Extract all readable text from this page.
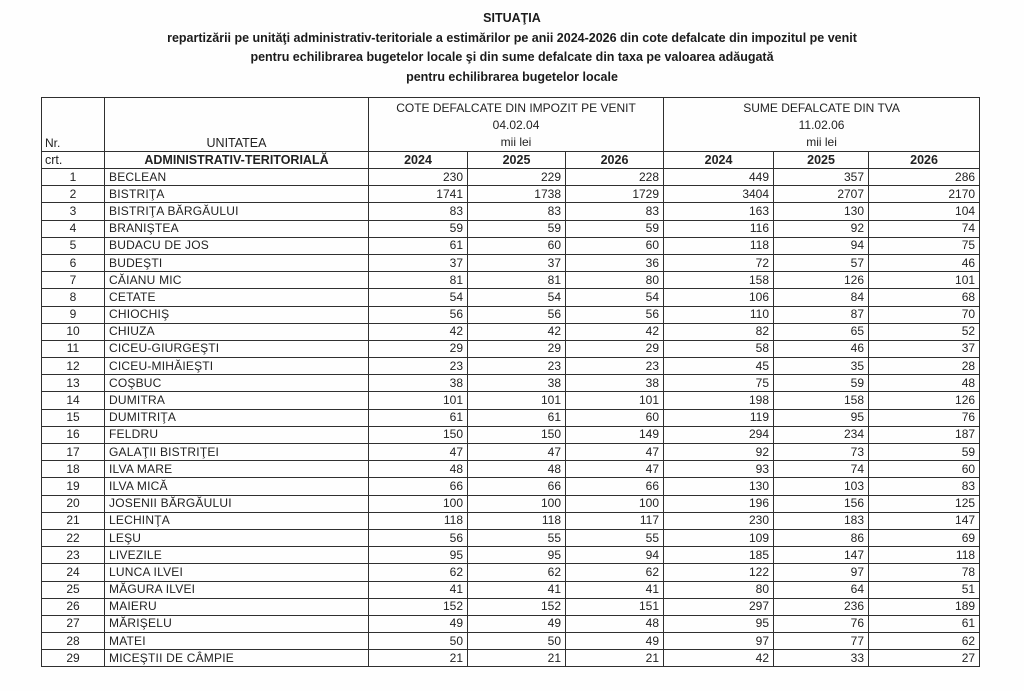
SITUAŢIA
repartizării pe unităţi administrativ-teritoriale a estimărilor pe anii 2024-2026 din cote defalcate din impozitul pe venit
pentru echilibrarea bugetelor locale şi din sume defalcate din taxa pe valoarea adăugată
pentru echilibrarea bugetelor locale
Nr.	UNITATEA	COTE DEFALCATE DIN IMPOZIT PE VENIT
04.02.04
mii lei			SUME DEFALCATE DIN TVA
11.02.06
mii lei		

crt.	ADMINISTRATIV-TERITORIALĂ	2024	2025	2026	2024	2025	2026
1	BECLEAN	230	229	228	449	357	286
2	BISTRIŢA	1741	1738	1729	3404	2707	2170
3	BISTRIŢA BĂRGĂULUI	83	83	83	163	130	104
4	BRANIŞTEA	59	59	59	116	92	74
5	BUDACU DE JOS	61	60	60	118	94	75
6	BUDEŞTI	37	37	36	72	57	46
7	CĂIANU MIC	81	81	80	158	126	101
8	CETATE	54	54	54	106	84	68
9	CHIOCHIŞ	56	56	56	110	87	70
10	CHIUZA	42	42	42	82	65	52
11	CICEU-GIURGEŞTI	29	29	29	58	46	37
12	CICEU-MIHĂIEŞTI	23	23	23	45	35	28
13	COŞBUC	38	38	38	75	59	48
14	DUMITRA	101	101	101	198	158	126
15	DUMITRIŢA	61	61	60	119	95	76
16	FELDRU	150	150	149	294	234	187
17	GALAŢII BISTRIŢEI	47	47	47	92	73	59
18	ILVA MARE	48	48	47	93	74	60
19	ILVA MICĂ	66	66	66	130	103	83
20	JOSENII BĂRGĂULUI	100	100	100	196	156	125
21	LECHINŢA	118	118	117	230	183	147
22	LEŞU	56	55	55	109	86	69
23	LIVEZILE	95	95	94	185	147	118
24	LUNCA ILVEI	62	62	62	122	97	78
25	MĂGURA ILVEI	41	41	41	80	64	51
26	MAIERU	152	152	151	297	236	189
27	MĂRIŞELU	49	49	48	95	76	61
28	MATEI	50	50	49	97	77	62
29	MICEŞTII DE CÂMPIE	21	21	21	42	33	27
